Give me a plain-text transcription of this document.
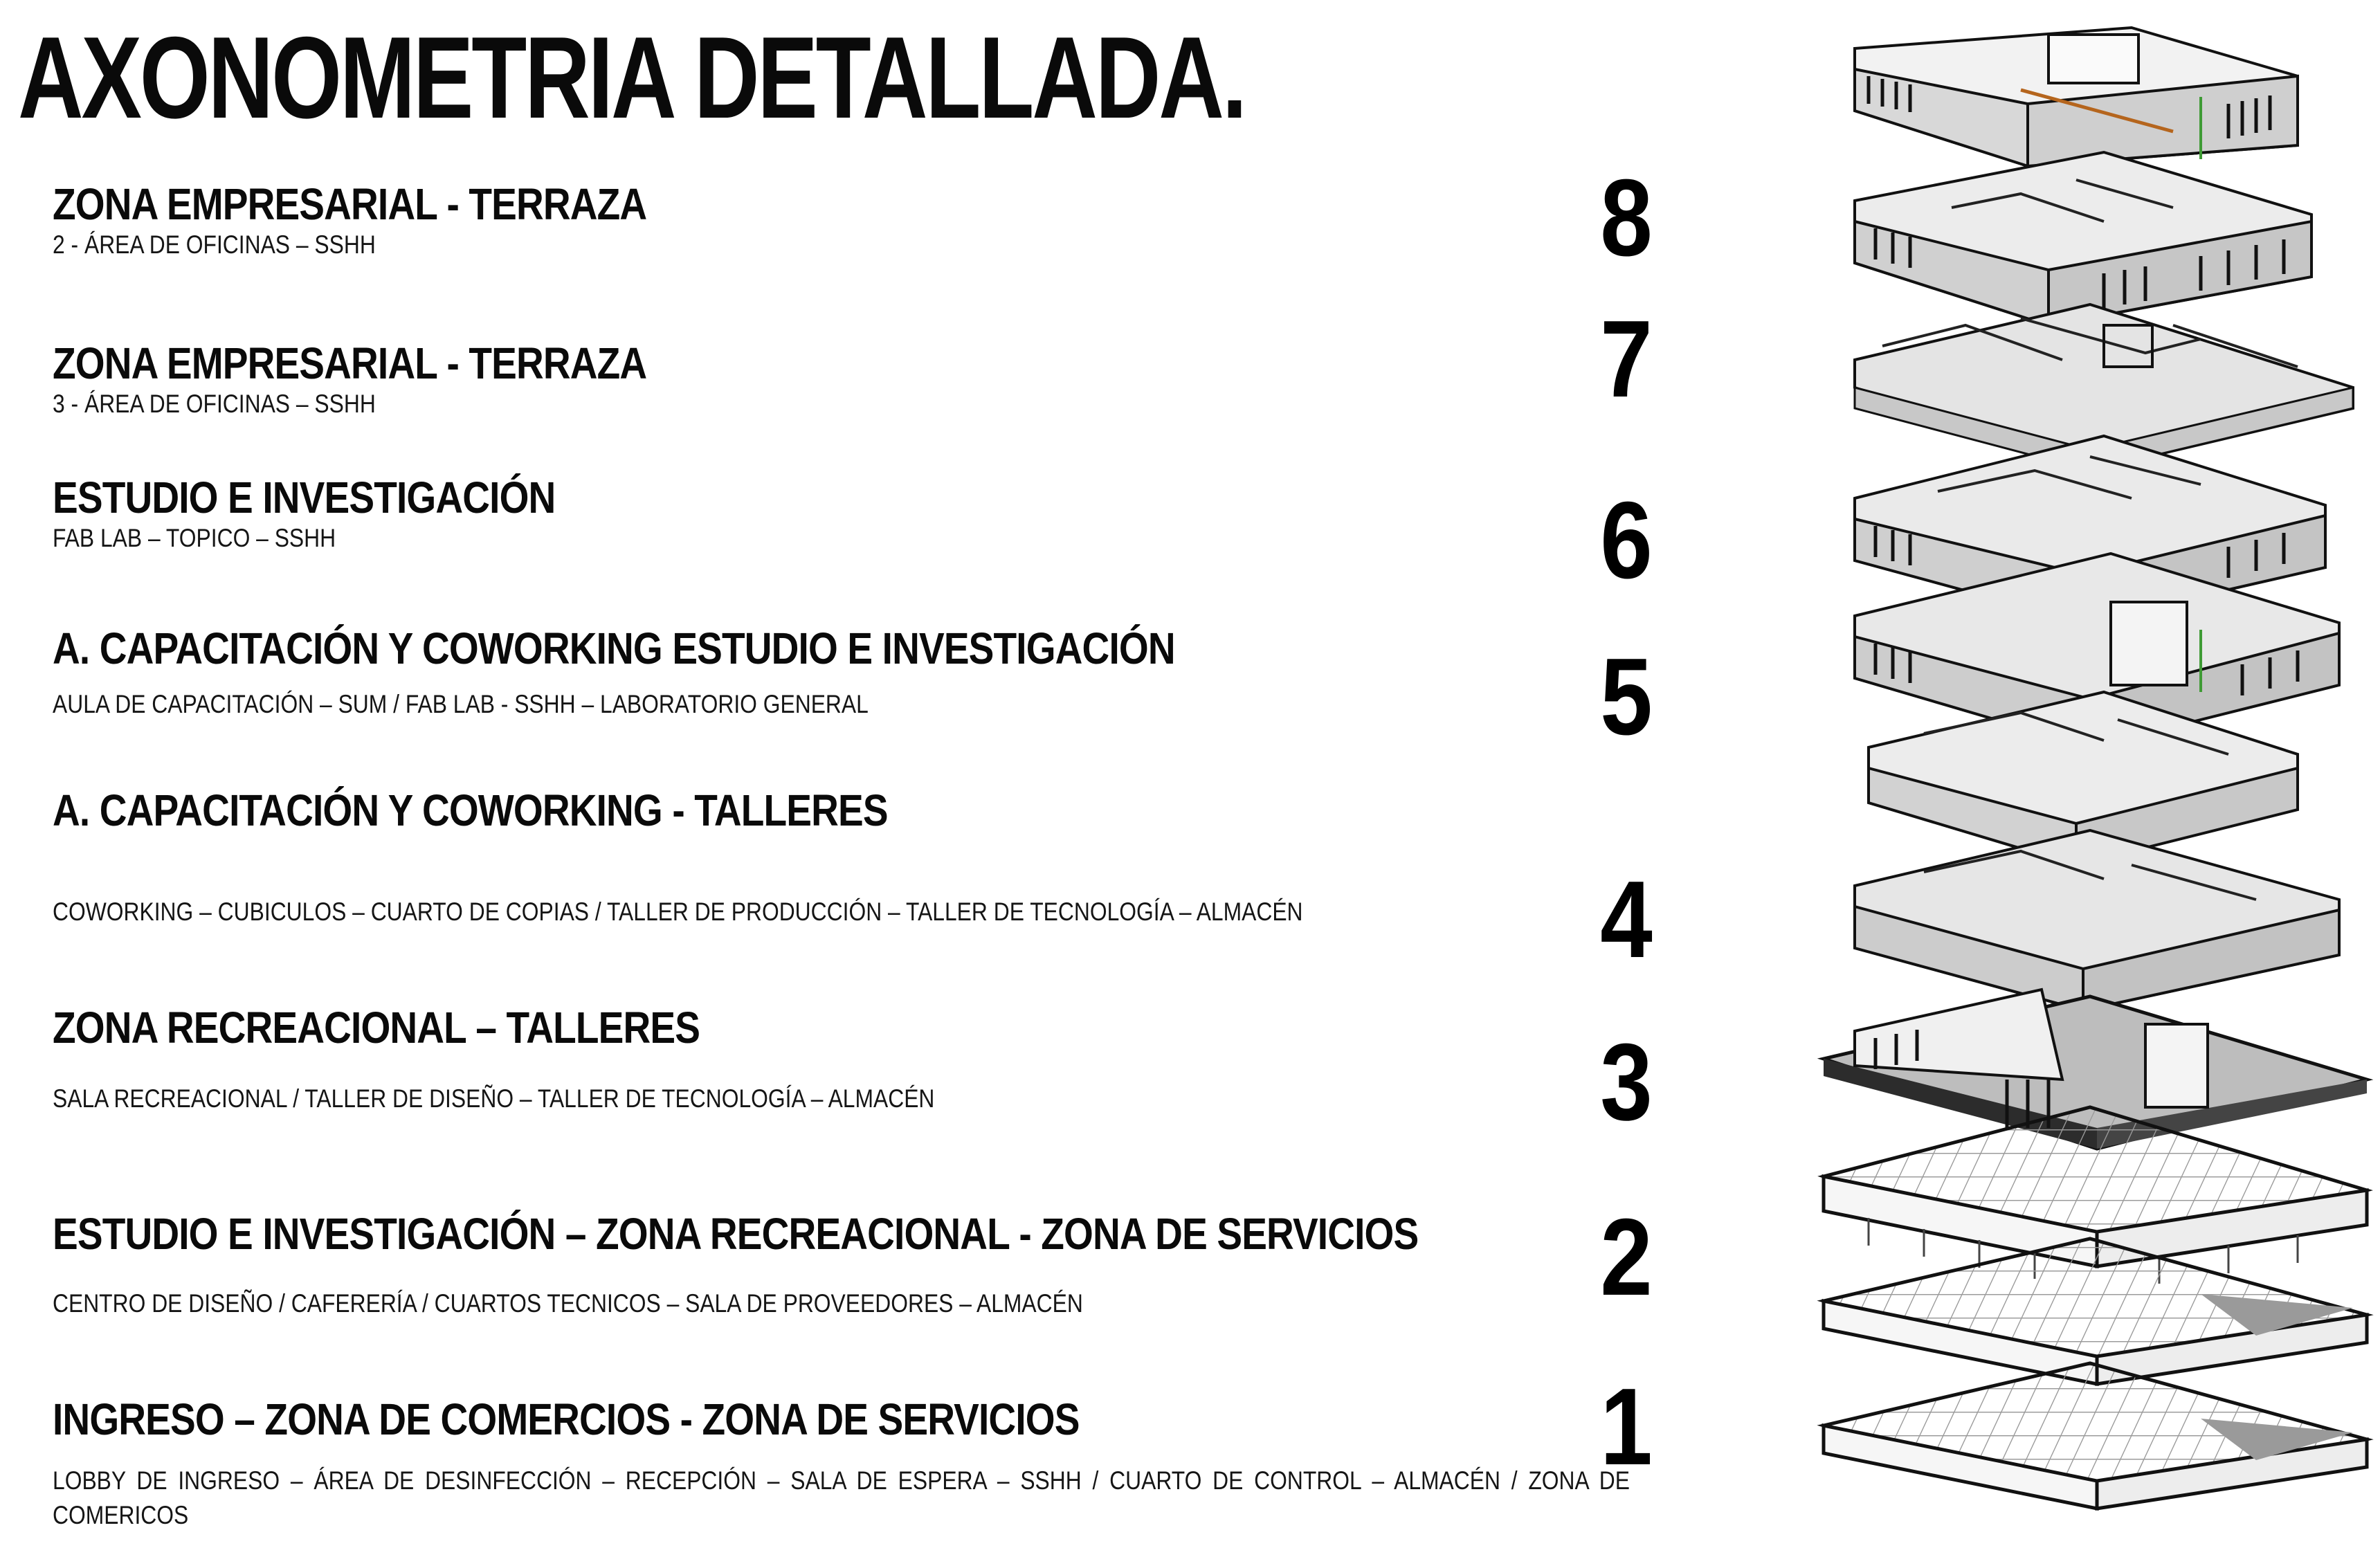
AXONOMETRIA DETALLADA.
ZONA EMPRESARIAL - TERRAZA
2 - ÁREA DE OFICINAS – SSHH	8
ZONA EMPRESARIAL - TERRAZA
3 - ÁREA DE OFICINAS – SSHH	7
ESTUDIO E INVESTIGACIÓN
FAB LAB – TOPICO – SSHH	6
A. CAPACITACIÓN Y COWORKING ESTUDIO E INVESTIGACIÓN
AULA DE CAPACITACIÓN – SUM / FAB LAB - SSHH – LABORATORIO GENERAL	5
A. CAPACITACIÓN Y COWORKING - TALLERES
COWORKING – CUBICULOS – CUARTO DE COPIAS / TALLER DE PRODUCCIÓN – TALLER DE TECNOLOGÍA – ALMACÉN	4
ZONA RECREACIONAL – TALLERES
SALA RECREACIONAL / TALLER DE DISEÑO – TALLER DE TECNOLOGÍA – ALMACÉN	3
ESTUDIO E INVESTIGACIÓN – ZONA RECREACIONAL - ZONA DE SERVICIOS
CENTRO DE DISEÑO / CAFERERÍA / CUARTOS TECNICOS – SALA DE PROVEEDORES – ALMACÉN	2
INGRESO – ZONA DE COMERCIOS - ZONA DE SERVICIOS
LOBBY DE INGRESO – ÁREA DE DESINFECCIÓN – RECEPCIÓN – SALA DE ESPERA – SSHH / CUARTO DE CONTROL – ALMACÉN / ZONA DE COMERICOS
1
